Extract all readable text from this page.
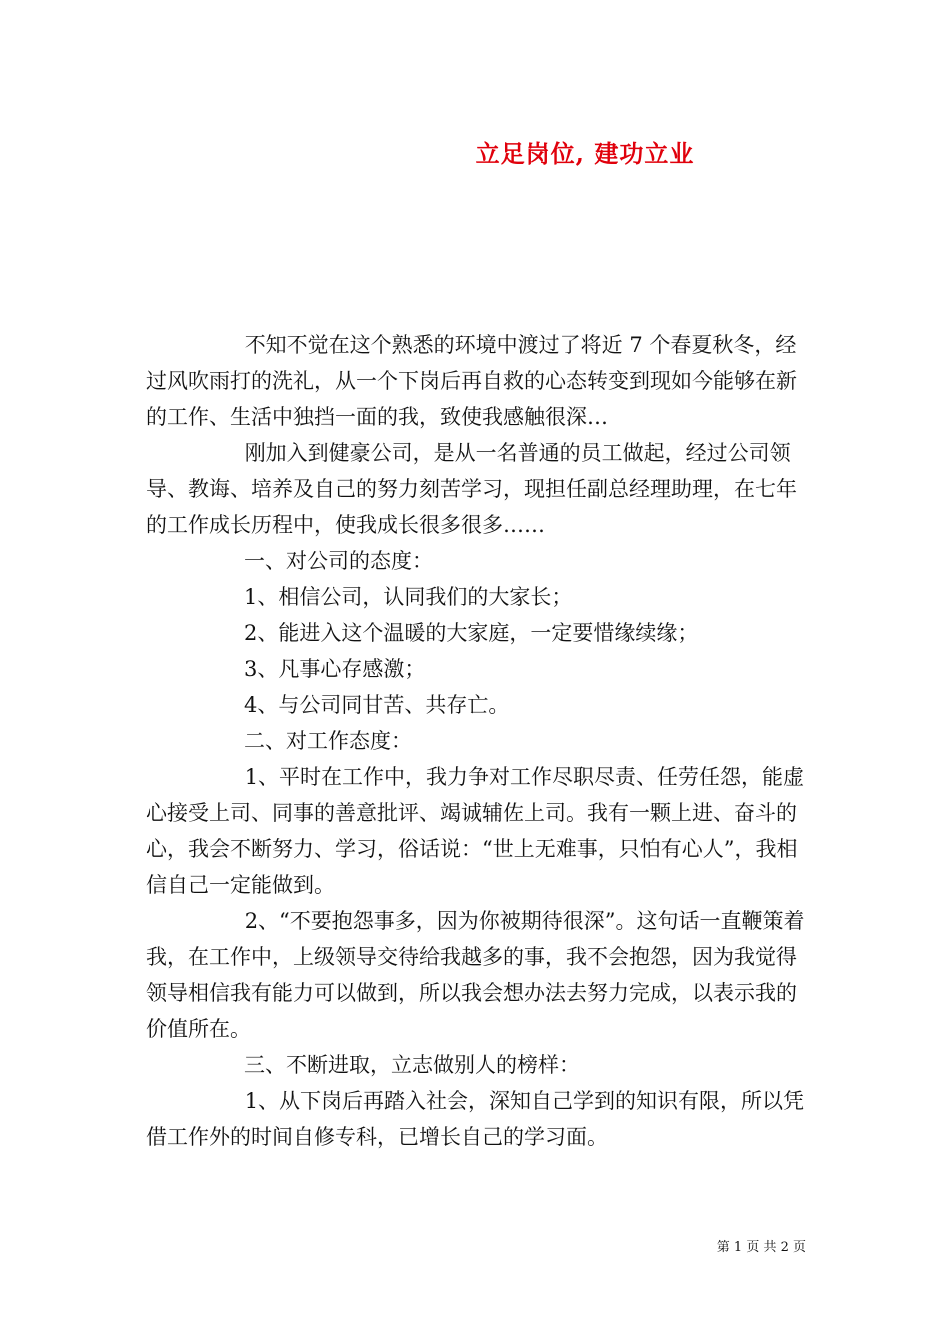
立足岗位, 建功立业

不知不觉在这个熟悉的环境中渡过了将近 7 个春夏秋冬，经过风吹雨打的洗礼，从一个下岗后再自救的心态转变到现如今能够在新的工作、生活中独挡一面的我，致使我感触很深…

刚加入到健豪公司，是从一名普通的员工做起，经过公司领导、教诲、培养及自己的努力刻苦学习，现担任副总经理助理，在七年的工作成长历程中，使我成长很多很多……

一、对公司的态度：

1、相信公司，认同我们的大家长；

2、能进入这个温暖的大家庭，一定要惜缘续缘；

3、凡事心存感激；

4、与公司同甘苦、共存亡。

二、对工作态度：

1、平时在工作中，我力争对工作尽职尽责、任劳任怨，能虚心接受上司、同事的善意批评、竭诚辅佐上司。我有一颗上进、奋斗的心，我会不断努力、学习，俗话说：“世上无难事，只怕有心人”，我相信自己一定能做到。

2、“不要抱怨事多，因为你被期待很深”。这句话一直鞭策着我，在工作中，上级领导交待给我越多的事，我不会抱怨，因为我觉得领导相信我有能力可以做到，所以我会想办法去努力完成，以表示我的价值所在。

三、不断进取，立志做别人的榜样：

1、从下岗后再踏入社会，深知自己学到的知识有限，所以凭借工作外的时间自修专科，已增长自己的学习面。

第 1 页 共 2 页
